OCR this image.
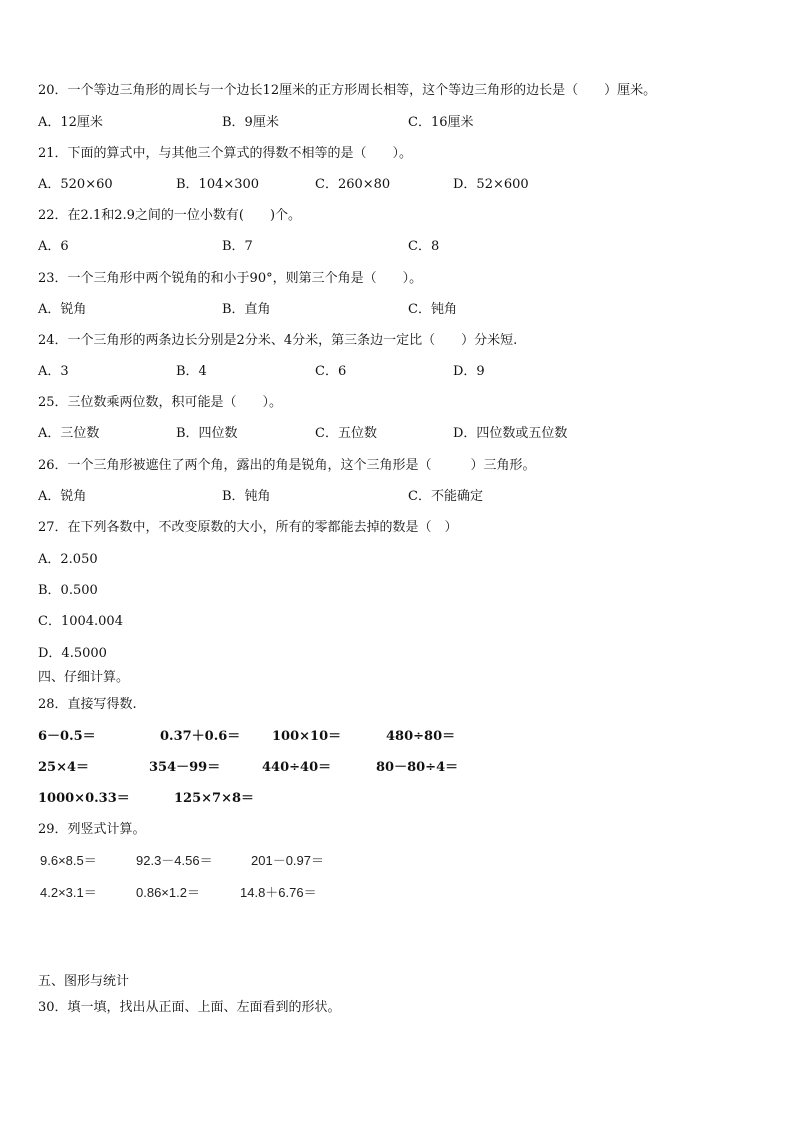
20．一个等边三角形的周长与一个边长12厘米的正方形周长相等，这个等边三角形的边长是（　　）厘米。
A．12厘米	B．9厘米	C．16厘米
21．下面的算式中，与其他三个算式的得数不相等的是（　　）。
A．520×60	B．104×300	C．260×80	D．52×600
22．在2.1和2.9之间的一位小数有(　　)个。
A．6	B．7	C．8
23．一个三角形中两个锐角的和小于90°，则第三个角是（　　）。
A．锐角	B．直角	C．钝角
24．一个三角形的两条边长分别是2分米、4分米，第三条边一定比（　　）分米短.
A．3	B．4	C．6	D．9
25．三位数乘两位数，积可能是（　　）。
A．三位数	B．四位数	C．五位数	D．四位数或五位数
26．一个三角形被遮住了两个角，露出的角是锐角，这个三角形是（　　　）三角形。
A．锐角	B．钝角	C．不能确定
27．在下列各数中，不改变原数的大小，所有的零都能去掉的数是（　）
A．2.050
B．0.500
C．1004.004
D．4.5000
四、仔细计算。
28．直接写得数.
6－0.5＝	0.37＋0.6＝ 100×10＝	480÷80＝
25×4＝	354－99＝	440÷40＝	80－80÷4＝
1000×0.33＝	125×7×8＝
29．列竖式计算。
9.6×8.5＝	92.3－4.56＝	201－0.97＝
4.2×3.1＝	0.86×1.2＝	14.8＋6.76＝
五、图形与统计
30．填一填，找出从正面、上面、左面看到的形状。
